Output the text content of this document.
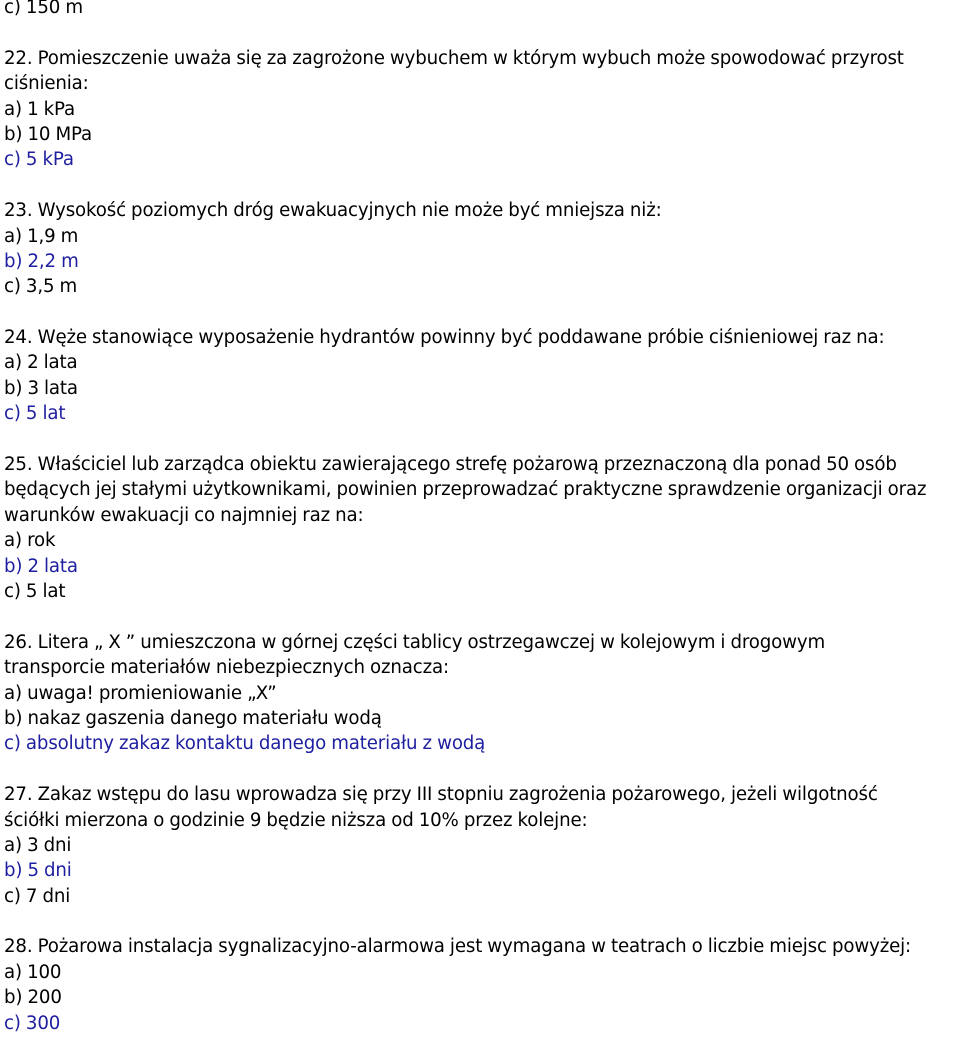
c) 150 m
22. Pomieszczenie uważa się za zagrożone wybuchem w którym wybuch może spowodować przyrost
ciśnienia:
a) 1 kPa
b) 10 MPa
c) 5 kPa
23. Wysokość poziomych dróg ewakuacyjnych nie może być mniejsza niż:
a) 1,9 m
b) 2,2 m
c) 3,5 m
24. Węże stanowiące wyposażenie hydrantów powinny być poddawane próbie ciśnieniowej raz na:
a) 2 lata
b) 3 lata
c) 5 lat
25. Właściciel lub zarządca obiektu zawierającego strefę pożarową przeznaczoną dla ponad 50 osób
będących jej stałymi użytkownikami, powinien przeprowadzać praktyczne sprawdzenie organizacji oraz
warunków ewakuacji co najmniej raz na:
a) rok
b) 2 lata
c) 5 lat
26. Litera „ X ” umieszczona w górnej części tablicy ostrzegawczej w kolejowym i drogowym
transporcie materiałów niebezpiecznych oznacza:
a) uwaga! promieniowanie „X”
b) nakaz gaszenia danego materiału wodą
c) absolutny zakaz kontaktu danego materiału z wodą
27. Zakaz wstępu do lasu wprowadza się przy III stopniu zagrożenia pożarowego, jeżeli wilgotność
ściółki mierzona o godzinie 9 będzie niższa od 10% przez kolejne:
a) 3 dni
b) 5 dni
c) 7 dni
28. Pożarowa instalacja sygnalizacyjno-alarmowa jest wymagana w teatrach o liczbie miejsc powyżej:
a) 100
b) 200
c) 300
